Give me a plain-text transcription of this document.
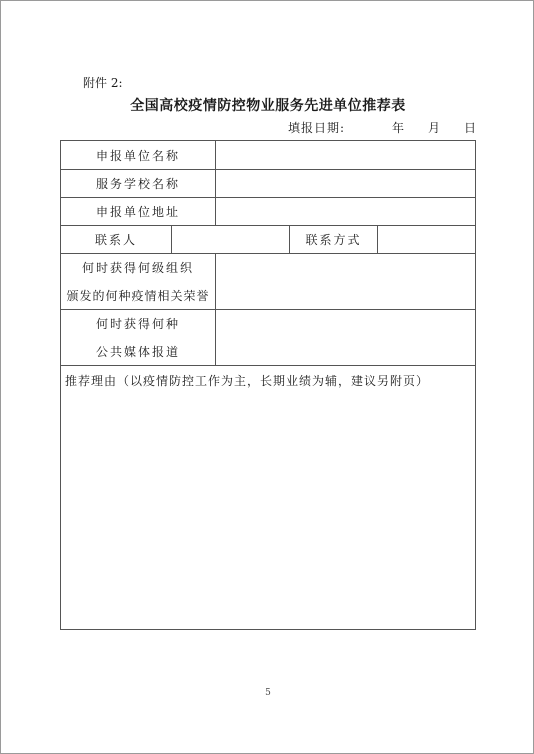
附件 2:
全国高校疫情防控物业服务先进单位推荐表
填报日期:	年 月 日
申报单位名称
服务学校名称
申报单位地址
联系人	联系方式
何时获得何级组织
颁发的何种疫情相关荣誉
何时获得何种
公共媒体报道
推荐理由（以疫情防控工作为主，长期业绩为辅，建议另附页）
5
